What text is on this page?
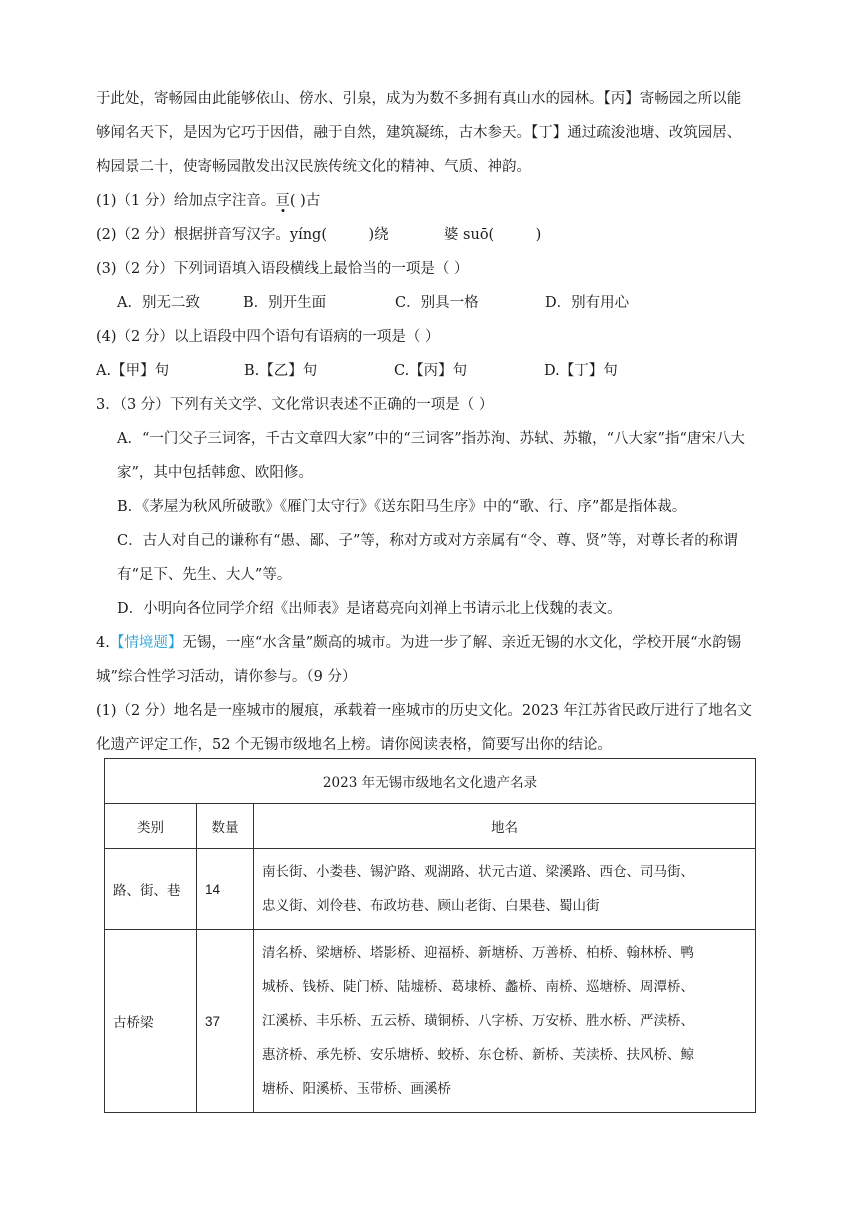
于此处，寄畅园由此能够依山、傍水、引泉，成为为数不多拥有真山水的园林。【丙】寄畅园之所以能

够闻名天下，是因为它巧于因借，融于自然，建筑凝练，古木参天。【丁】通过疏浚池塘、改筑园居、

构园景二十，使寄畅园散发出汉民族传统文化的精神、气质、神韵。

(1)（1 分）给加点字注音。亘( )古

(2)（2 分）根据拼音写汉字。yíng(         )绕            婆 suō(         )

(3)（2 分）下列词语填入语段横线上最恰当的一项是（ ）

A．别无二致	B．别开生面	C．别具一格	D．别有用心

(4)（2 分）以上语段中四个语句有语病的一项是（ ）

A.【甲】句	B.【乙】句	C.【丙】句	D.【丁】句

3．（3 分）下列有关文学、文化常识表述不正确的一项是（ ）

A．“一门父子三词客，千古文章四大家”中的“三词客”指苏洵、苏轼、苏辙，“八大家”指“唐宋八大

家”，其中包括韩愈、欧阳修。

B．《茅屋为秋风所破歌》《雁门太守行》《送东阳马生序》中的“歌、行、序”都是指体裁。

C．古人对自己的谦称有“愚、鄙、子”等，称对方或对方亲属有“令、尊、贤”等，对尊长者的称谓

有“足下、先生、大人”等。

D．小明向各位同学介绍《出师表》是诸葛亮向刘禅上书请示北上伐魏的表文。

4.【情境题】无锡，一座“水含量”颇高的城市。为进一步了解、亲近无锡的水文化，学校开展“水韵锡

城”综合性学习活动，请你参与。（9 分）

(1)（2 分）地名是一座城市的履痕，承载着一座城市的历史文化。2023 年江苏省民政厅进行了地名文

化遗产评定工作，52 个无锡市级地名上榜。请你阅读表格，简要写出你的结论。

2023 年无锡市级地名文化遗产名录		
类别	数量	地名
路、街、巷	14	南长街、小娄巷、锡沪路、观湖路、状元古道、梁溪路、西仓、司马街、
忠义街、刘伶巷、布政坊巷、顾山老街、白果巷、蜀山街

古桥梁	37	清名桥、梁塘桥、塔影桥、迎福桥、新塘桥、万善桥、柏桥、翰林桥、鸭
城桥、钱桥、陡门桥、陆墟桥、葛埭桥、蠡桥、南桥、巡塘桥、周潭桥、
江溪桥、丰乐桥、五云桥、璜铜桥、八字桥、万安桥、胜水桥、严渎桥、
惠济桥、承先桥、安乐塘桥、蛟桥、东仓桥、新桥、芙渎桥、扶风桥、鲸
塘桥、阳溪桥、玉带桥、画溪桥
